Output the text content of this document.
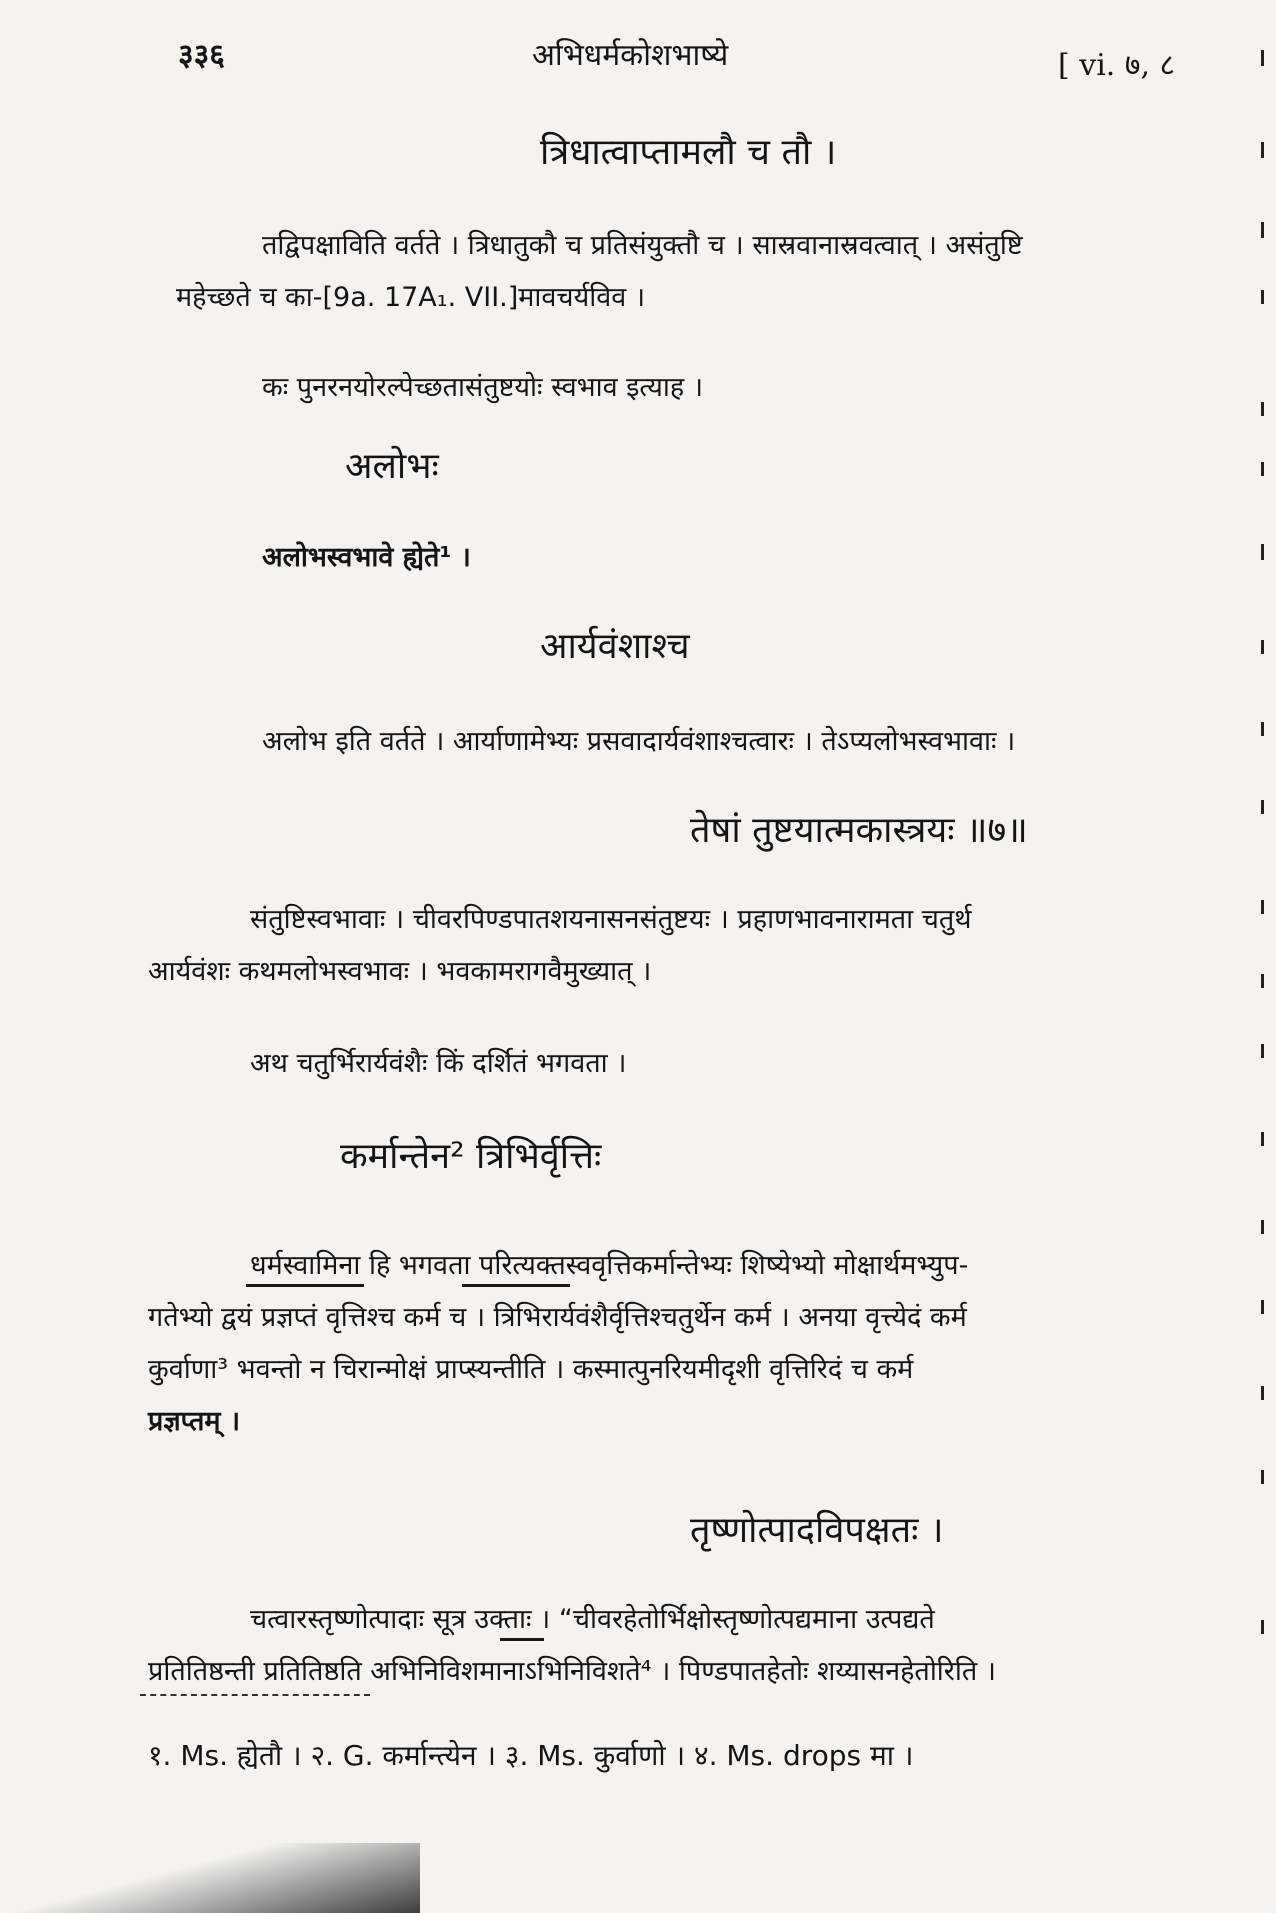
३३६	अभिधर्मकोशभाष्ये	[ vi. ७, ८
त्रिधात्वाप्तामलौ च तौ ।
तद्विपक्षाविति वर्तते । त्रिधातुकौ च प्रतिसंयुक्तौ च । सास्रवानास्रवत्वात् । असंतुष्टि
महेच्छते च का-[9a. 17A₁. VII.]मावचर्यविव ।
कः पुनरनयोरल्पेच्छतासंतुष्टयोः स्वभाव इत्याह ।
अलोभः
अलोभस्वभावे ह्येते¹ ।
आर्यवंशाश्च
अलोभ इति वर्तते । आर्याणामेभ्यः प्रसवादार्यवंशाश्चत्वारः । तेऽप्यलोभस्वभावाः ।
तेषां तुष्टयात्मकास्त्रयः ॥७॥
संतुष्टिस्वभावाः । चीवरपिण्डपातशयनासनसंतुष्टयः । प्रहाणभावनारामता चतुर्थ
आर्यवंशः कथमलोभस्वभावः । भवकामरागवैमुख्यात् ।
अथ चतुर्भिरार्यवंशैः किं दर्शितं भगवता ।
कर्मान्तेन² त्रिभिर्वृत्तिः
धर्मस्वामिना हि भगवता परित्यक्तस्ववृत्तिकर्मान्तेभ्यः शिष्येभ्यो मोक्षार्थमभ्युप-
गतेभ्यो द्वयं प्रज्ञप्तं वृत्तिश्च कर्म च । त्रिभिरार्यवंशैर्वृत्तिश्चतुर्थेन कर्म । अनया वृत्त्येदं कर्म
कुर्वाणा³ भवन्तो न चिरान्मोक्षं प्राप्स्यन्तीति । कस्मात्पुनरियमीदृशी वृत्तिरिदं च कर्म
प्रज्ञप्तम् ।
तृष्णोत्पादविपक्षतः ।
चत्वारस्तृष्णोत्पादाः सूत्र उक्ताः । “चीवरहेतोर्भिक्षोस्तृष्णोत्पद्यमाना उत्पद्यते
प्रतितिष्ठन्ती प्रतितिष्ठति अभिनिविशमानाऽभिनिविशते⁴ । पिण्डपातहेतोः शय्यासनहेतोरिति ।
१. Ms. ह्येतौ । २. G. कर्मान्त्येन । ३. Ms. कुर्वाणो । ४. Ms. drops मा ।
